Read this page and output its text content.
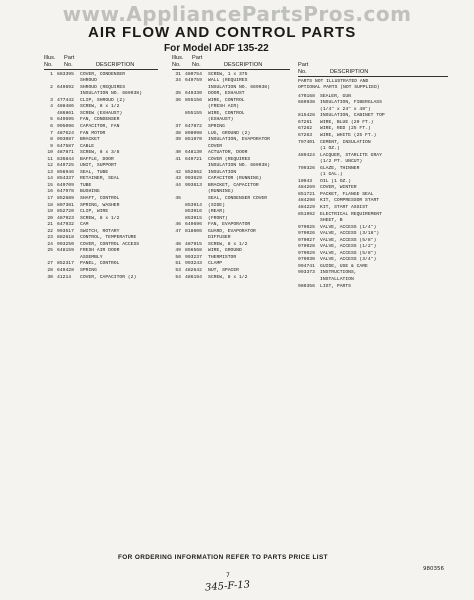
www.AppliancePartsPros.com
AIR FLOW AND CONTROL PARTS
For Model ADF 135-22
Illus.	Part
No.	No.	DESCRIPTION
1 883395	COVER, CONDENSER
SHROUD
2 649692	SHROUD (REQUIRES
INSULATION NO. 669938)
3 477442	CLIP, SHROUD (2)
4 488486	SCREW, 8 x 1/2
486861	SCREW (EXHAUST)
5 649695	FAN, CONDENSER
6 995096	CAPACITOR, FAN
7 487624	FAN MOTOR
8 993087	BRACKET
9 647587	CABLE
10 487871	SCREW, 8 x 3/8
11 836844	BAFFLE, DOOR
12 649725	UNIT, SUPPORT
13 856946	SEAL, TUBE
14 854337	RETAINER, SEAL
15 649709	TUBE
16 647978	BUSHING
17 852689	SHAFT, CONTROL
18 807381	SPRING, WASHER
19 852720	CLIP, WIRE
20 487923	SCREW, 8 x 1/2
21 647932	CAM
22 993517	SWITCH, ROTARY
23 882618	CONTROL, TEMPERATURE
24 993250	COVER, CONTROL ACCESS
25 648159	FRESH AIR DOOR
ASSEMBLY
27 852317	PANEL, CONTROL
28 649428	SPRING
30 41214	COVER, CAPACITOR (2)
Illus.	Part
No.	No.	DESCRIPTION
31 480754	SCREW, 1 x 375
34 649759	WALL (REQUIRES
INSULATION NO. 669938)
35 649330	DOOR, EXHAUST
36 855156	WIRE, CONTROL
(FRESH AIR)
855155	WIRE, CONTROL
(EXHAUST)
37 647872	SPRING
38 898098	LUG, GROUND (2)
39 851970	INSULATION, EVAPORATOR
COVER
40 648130	ACTUATOR, DOOR
41 649721	COVER (REQUIRES
INSULATION NO. 669938)
42 852662	INSULATION
43 993629	CAPACITOR (RUNNING)
44 993613	BRACKET, CAPACITOR
(RUNNING)
45	SEAL, CONDENSER COVER
853914	(SIDE)
853916	(REAR)
853915	(FRONT)
46 649696	FAN, EVAPORATOR
47 818606	GUARD, EVAPORATOR
DIFFUSER
48 487915	SCREW, 8 x 1/2
49 856568	WIRE, GROUND
50 993237	THERMISTOR
51 993243	CLAMP
53 482642	NUT, SPACER
54 486194	SCREW, 8 x 1/2
Part
No.	DESCRIPTION
PARTS NOT ILLUSTRATED AND
OPTIONAL PARTS (NOT SUPPLIED)
470168	SEALER, GUN
669938	INSULATION, FIBERGLASS
(1/4" x 24" x 48")
815428	INSULATION, CABINET TOP
67261	WIRE, BLUE (20 FT.)
67262	WIRE, RED (25 FT.)
67263	WIRE, WHITE (25 FT.)
797401	CEMENT, INSULATION
(1 OZ.)
489424	LACQUER, STARLITE GRAY
(1/2 PT. UNCUT)
799326	GLAZE, THINNER
(1 GAL.)
10943	OIL (1 OZ.)
484269	COVER, WINTER
851721	PACKET, FLANGE SEAL
484298	KIT, COMPRESSOR START
484229	KIT, START ASSIST
851992	ELECTRICAL REQUIREMENT
SHEET, B
979025	VALVE, ACCESS (1/4")
979026	VALVE, ACCESS (3/16")
979027	VALVE, ACCESS (5/8")
979028	VALVE, ACCESS (1/2")
979029	VALVE, ACCESS (5/8")
979030	VALVE, ACCESS (3/4")
994741	GUIDE, USE & CARE
993373	INSTRUCTIONS,
INSTALLATION
980356	LIST, PARTS
FOR ORDERING INFORMATION REFER TO PARTS PRICE LIST
7
980356
345-F-13
